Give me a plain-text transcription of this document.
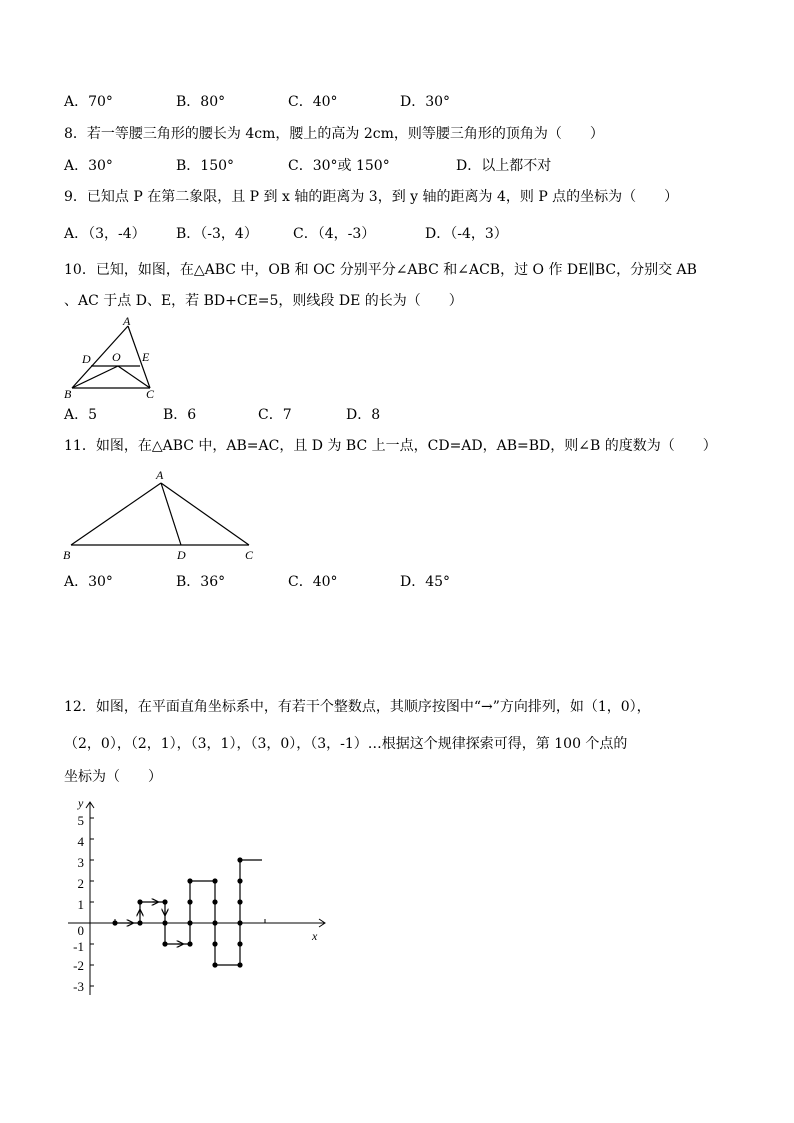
A．70°	B．80°	C．40°	D．30°
8．若一等腰三角形的腰长为 4cm，腰上的高为 2cm，则等腰三角形的顶角为（　　）
A．30°	B．150°	C．30°或 150°	D．以上都不对
9．已知点 P 在第二象限，且 P 到 x 轴的距离为 3，到 y 轴的距离为 4，则 P 点的坐标为（　　）
A．（3，-4） B．（-3，4）	C．（4，-3）	D．（-4，3）
10．已知，如图，在△ABC 中，OB 和 OC 分别平分∠ABC 和∠ACB，过 O 作 DE∥BC，分别交 AB
、AC 于点 D、E，若 BD+CE=5，则线段 DE 的长为（　　）
A
D O E
B	C
A．5	B．6	C．7	D．8
11．如图，在△ABC 中，AB=AC，且 D 为 BC 上一点，CD=AD，AB=BD，则∠B 的度数为（　　）
A
B	D	C
A．30°	B．36°	C．40°	D．45°
12．如图，在平面直角坐标系中，有若干个整数点，其顺序按图中“→”方向排列，如（1，0），
（2，0），（2，1），（3，1），（3，0），（3，-1）…根据这个规律探索可得，第 100 个点的
坐标为（　　）
x
y
5
4
3
2
1
0
-1
-2
-3
